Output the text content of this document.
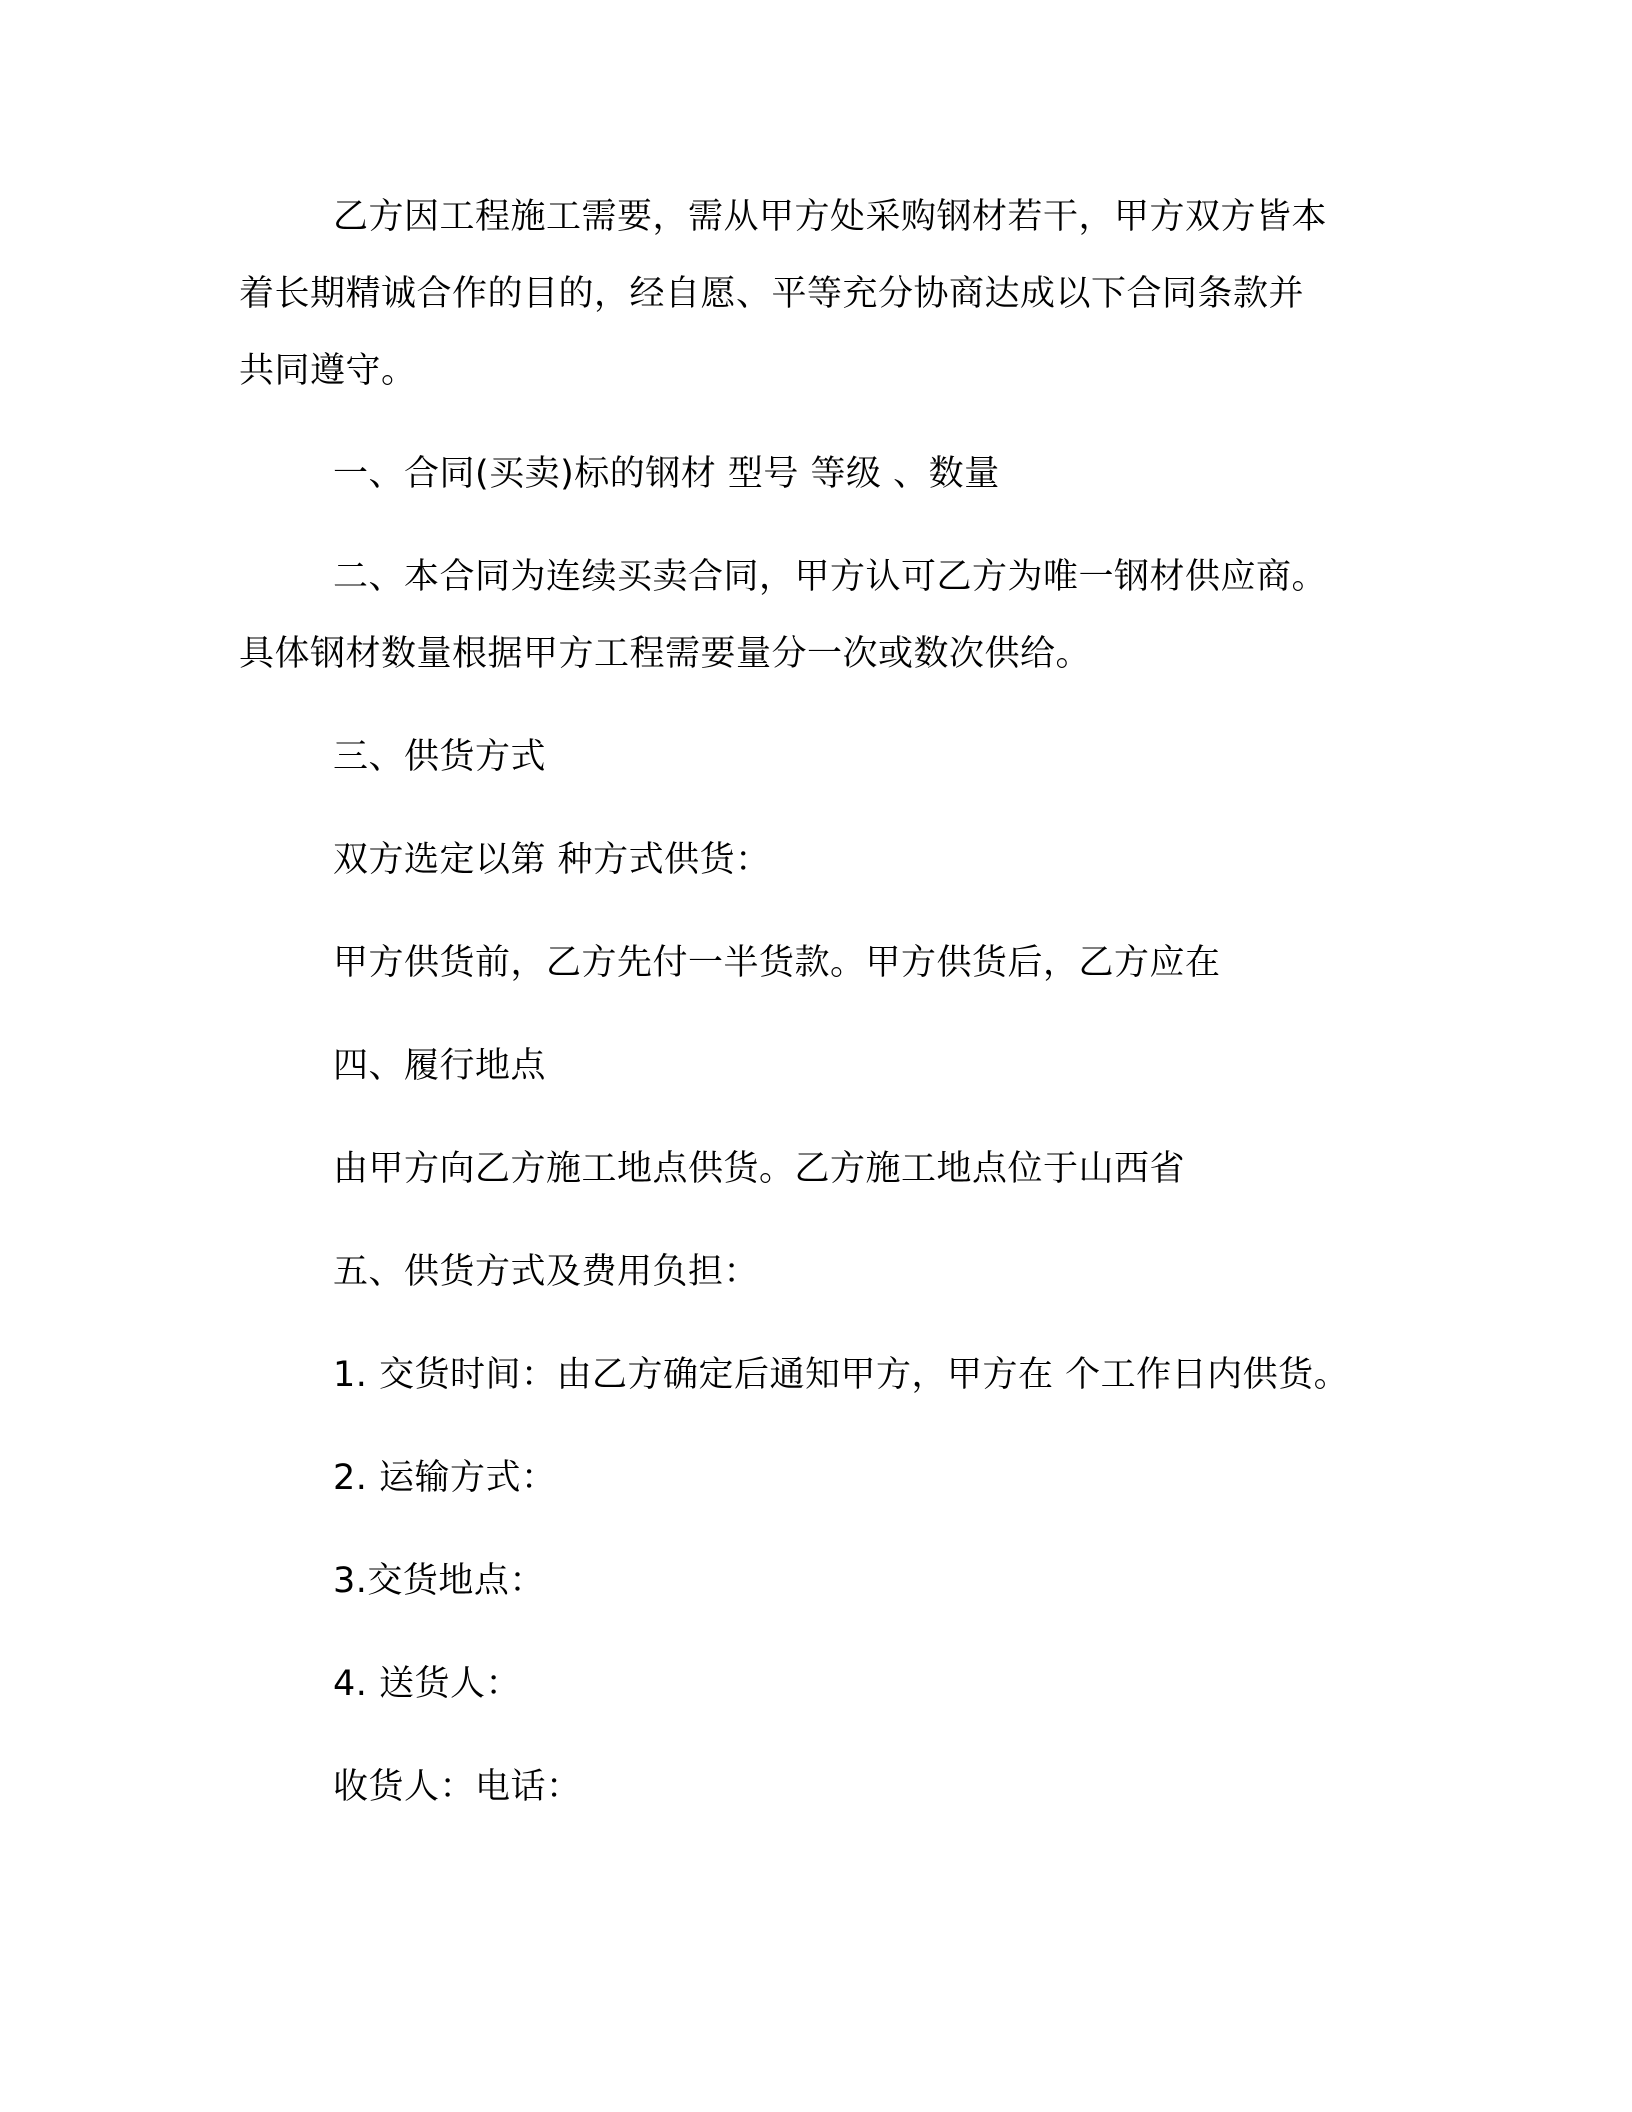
乙方因工程施工需要，需从甲方处采购钢材若干，甲方双方皆本
着长期精诚合作的目的，经自愿、平等充分协商达成以下合同条款并
共同遵守。
一、合同(买卖)标的钢材 型号 等级 、数量
二、本合同为连续买卖合同，甲方认可乙方为唯一钢材供应商。
具体钢材数量根据甲方工程需要量分一次或数次供给。
三、供货方式
双方选定以第 种方式供货：
甲方供货前，乙方先付一半货款。甲方供货后，乙方应在
四、履行地点
由甲方向乙方施工地点供货。乙方施工地点位于山西省
五、供货方式及费用负担：
1. 交货时间：由乙方确定后通知甲方，甲方在 个工作日内供货。
2. 运输方式：
3.交货地点：
4. 送货人：
收货人：电话：
